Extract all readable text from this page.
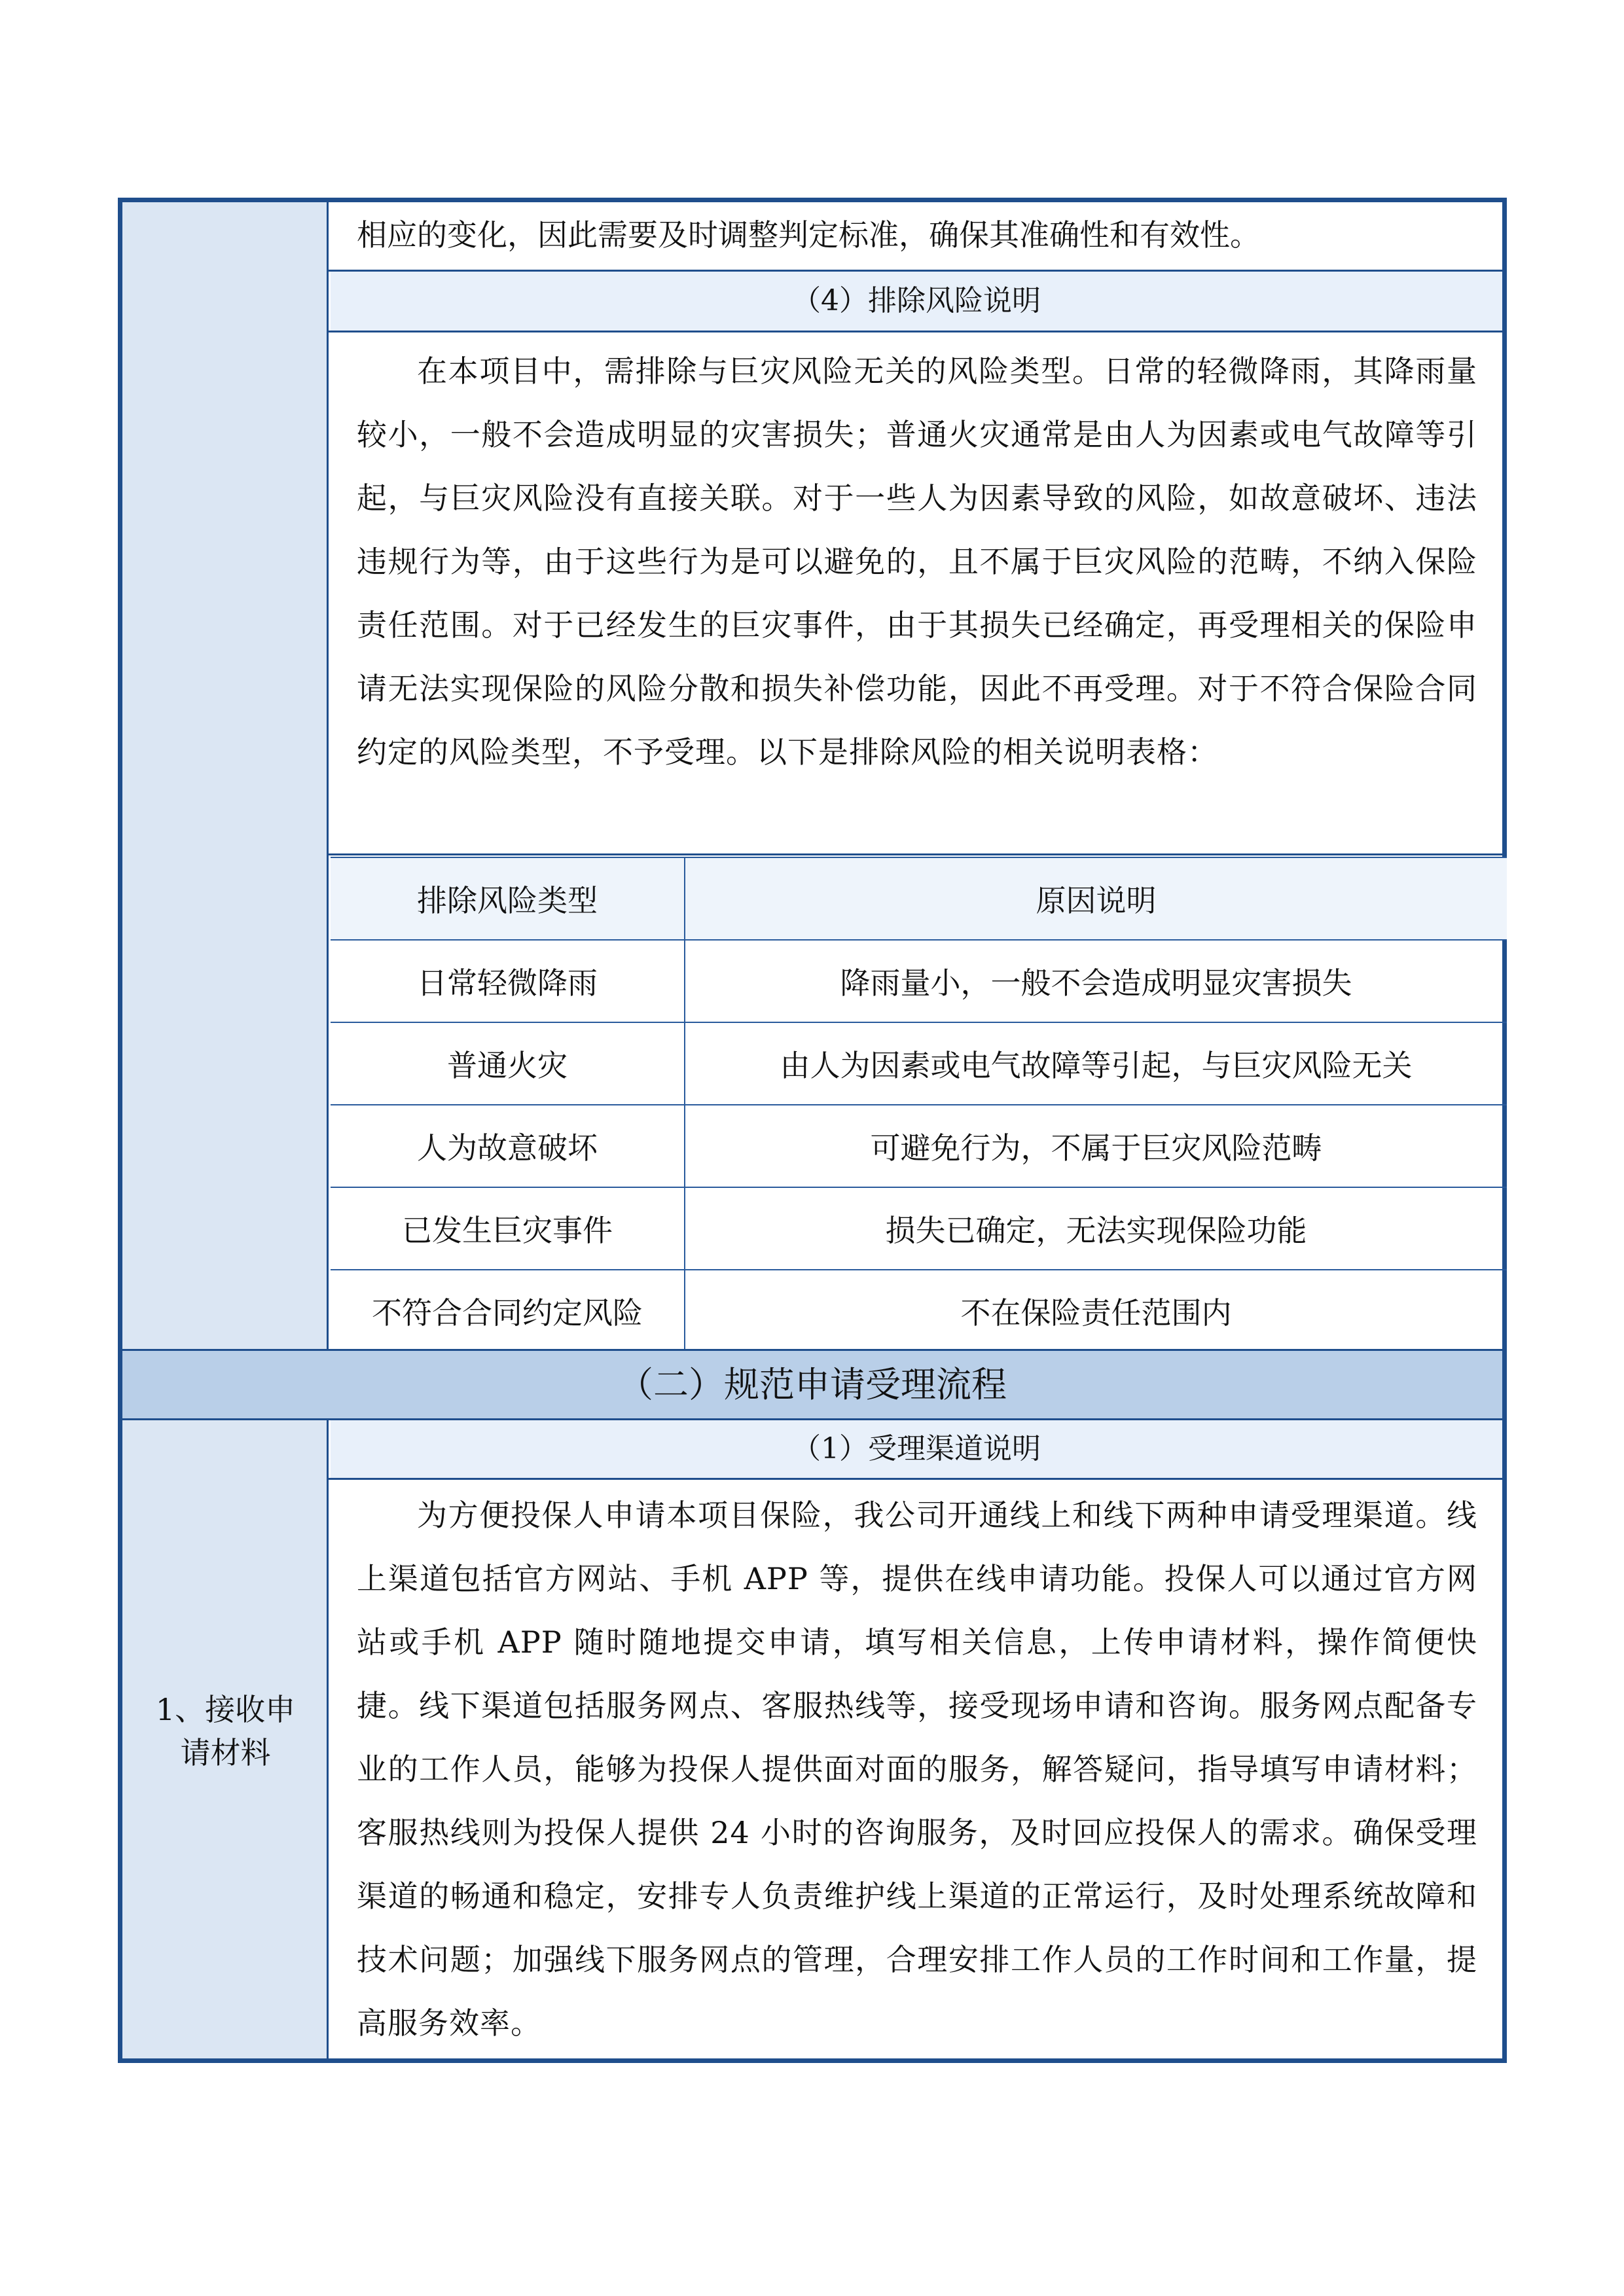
相应的变化，因此需要及时调整判定标准，确保其准确性和有效性。
（4）排除风险说明
在本项目中，需排除与巨灾风险无关的风险类型。日常的轻微降雨，其降雨量较小，一般不会造成明显的灾害损失；普通火灾通常是由人为因素或电气故障等引起，与巨灾风险没有直接关联。对于一些人为因素导致的风险，如故意破坏、违法违规行为等，由于这些行为是可以避免的，且不属于巨灾风险的范畴，不纳入保险责任范围。对于已经发生的巨灾事件，由于其损失已经确定，再受理相关的保险申请无法实现保险的风险分散和损失补偿功能，因此不再受理。对于不符合保险合同约定的风险类型，不予受理。以下是排除风险的相关说明表格：
排除风险类型	原因说明
日常轻微降雨	降雨量小，一般不会造成明显灾害损失
普通火灾	由人为因素或电气故障等引起，与巨灾风险无关
人为故意破坏	可避免行为，不属于巨灾风险范畴
已发生巨灾事件	损失已确定，无法实现保险功能
不符合合同约定风险	不在保险责任范围内
（二）规范申请受理流程
1、接收申请材料
（1）受理渠道说明
为方便投保人申请本项目保险，我公司开通线上和线下两种申请受理渠道。线上渠道包括官方网站、手机 APP 等，提供在线申请功能。投保人可以通过官方网站或手机 APP 随时随地提交申请，填写相关信息，上传申请材料，操作简便快捷。线下渠道包括服务网点、客服热线等，接受现场申请和咨询。服务网点配备专业的工作人员，能够为投保人提供面对面的服务，解答疑问，指导填写申请材料；客服热线则为投保人提供 24 小时的咨询服务，及时回应投保人的需求。确保受理渠道的畅通和稳定，安排专人负责维护线上渠道的正常运行，及时处理系统故障和技术问题；加强线下服务网点的管理，合理安排工作人员的工作时间和工作量，提高服务效率。
